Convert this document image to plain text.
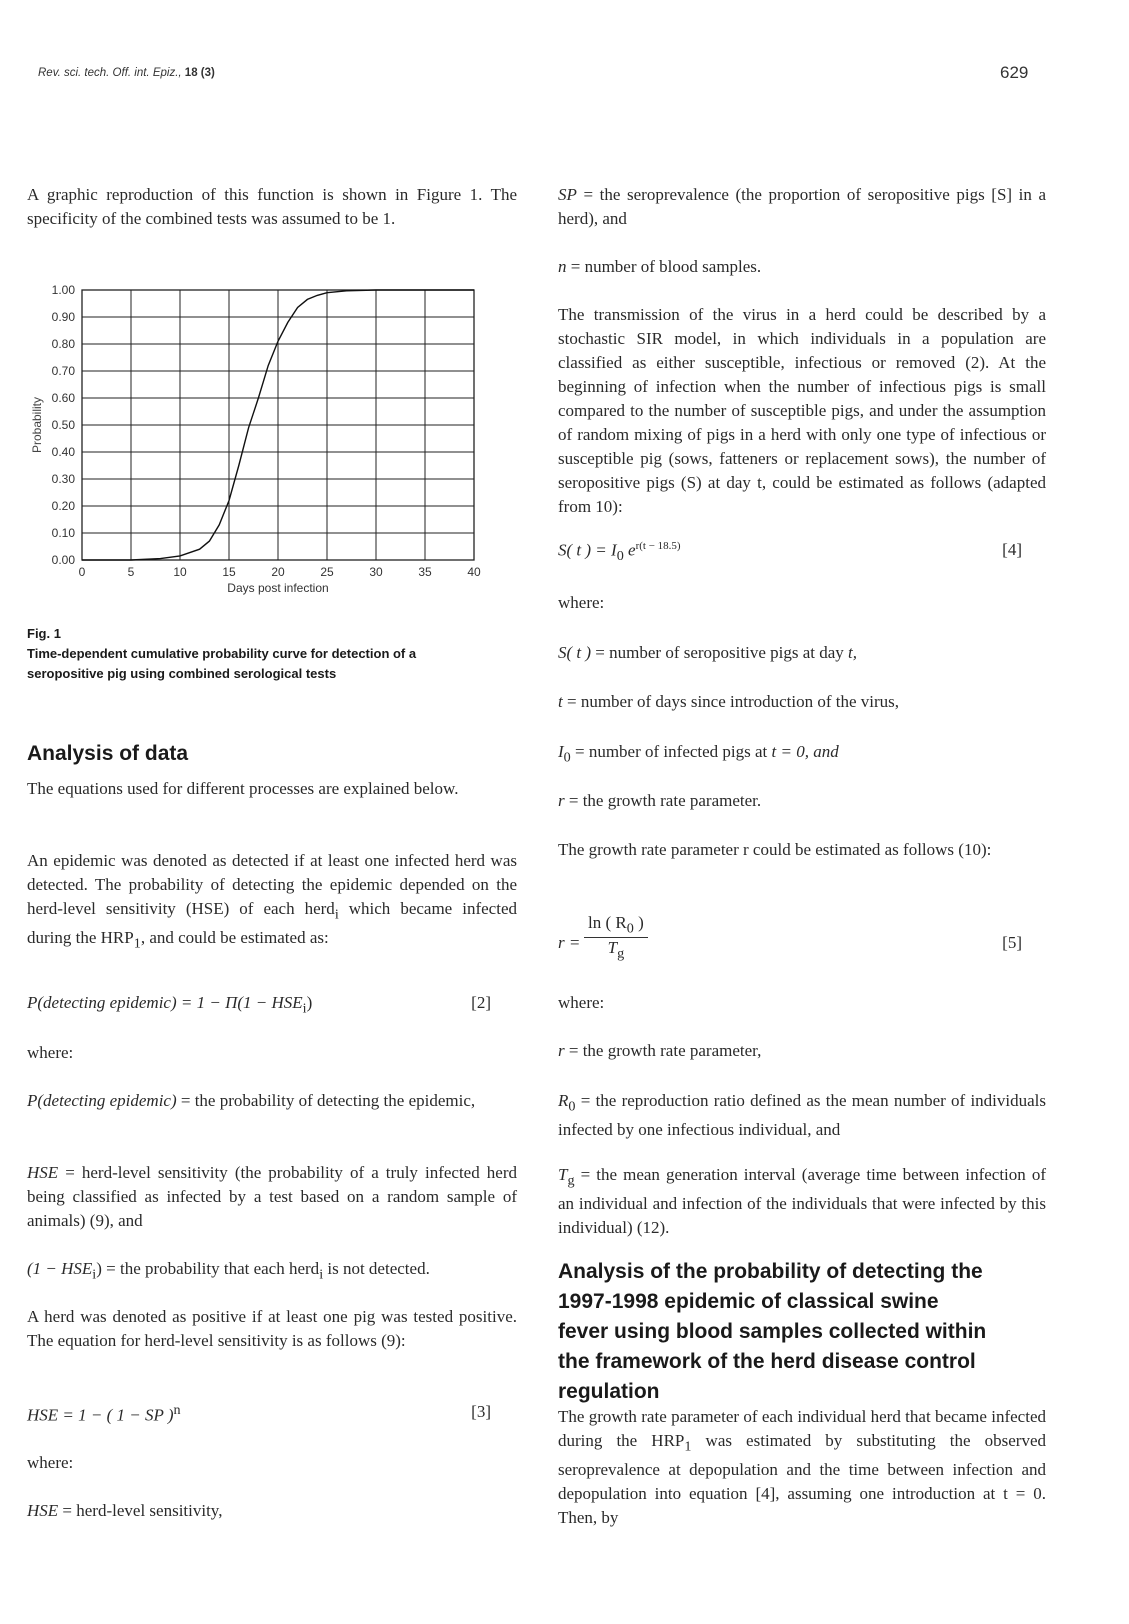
Rev. sci. tech. Off. int. Epiz., 18 (3)	629
A graphic reproduction of this function is shown in Figure 1. The specificity of the combined tests was assumed to be 1.
0.00
0.10
0.20
0.30
0.40
0.50
0.60
0.70
0.80
0.90
1.00
0	5	10	15	20	25	30	35	40
Days post infection
Probability
Fig. 1
Time-dependent cumulative probability curve for detection of a seropositive pig using combined serological tests
Analysis of data
The equations used for different processes are explained below.
An epidemic was denoted as detected if at least one infected herd was detected. The probability of detecting the epidemic depended on the herd-level sensitivity (HSE) of each herd$_i$ which became infected during the $HRP_1$, and could be estimated as:
P(detecting epidemic) = $1 - \Pi(1 - HSE_i)$	[2]
where:
P(detecting epidemic) = the probability of detecting the epidemic,
HSE = herd-level sensitivity (the probability of a truly infected herd being classified as infected by a test based on a random sample of animals) (9), and
$(1 - HSE_i)$ = the probability that each herd$_i$ is not detected.
A herd was denoted as positive if at least one pig was tested positive. The equation for herd-level sensitivity is as follows (9):
HSE = 1 − ( 1 − SP )$^n$	[3]
where:
HSE = herd-level sensitivity,
SP = the seroprevalence (the proportion of seropositive pigs [S] in a herd), and
n = number of blood samples.
The transmission of the virus in a herd could be described by a stochastic SIR model, in which individuals in a population are classified as either susceptible, infectious or removed (2). At the beginning of infection when the number of infectious pigs is small compared to the number of susceptible pigs, and under the assumption of random mixing of pigs in a herd with only one type of infectious or susceptible pig (sows, fatteners or replacement sows), the number of seropositive pigs (S) at day t, could be estimated as follows (adapted from 10):
S( t ) = $I_0$ $e^{r(t - 18.5)}$	[4]
where:
S( t ) = number of seropositive pigs at day t,
t = number of days since introduction of the virus,
$I_0$ = number of infected pigs at t = 0, and
r = the growth rate parameter.
The growth rate parameter r could be estimated as follows (10):
$r = \frac{\ln ( R_0 )}{T_g}$	[5]
where:
r = the growth rate parameter,
$R_0$ = the reproduction ratio defined as the mean number of individuals infected by one infectious individual, and
$T_g$ = the mean generation interval (average time between infection of an individual and infection of the individuals that were infected by this individual) (12).
Analysis of the probability of detecting the 1997-1998 epidemic of classical swine fever using blood samples collected within the framework of the herd disease control regulation
The growth rate parameter of each individual herd that became infected during the $HRP_1$ was estimated by substituting the observed seroprevalence at depopulation and the time between infection and depopulation into equation [4], assuming one introduction at t = 0. Then, by
